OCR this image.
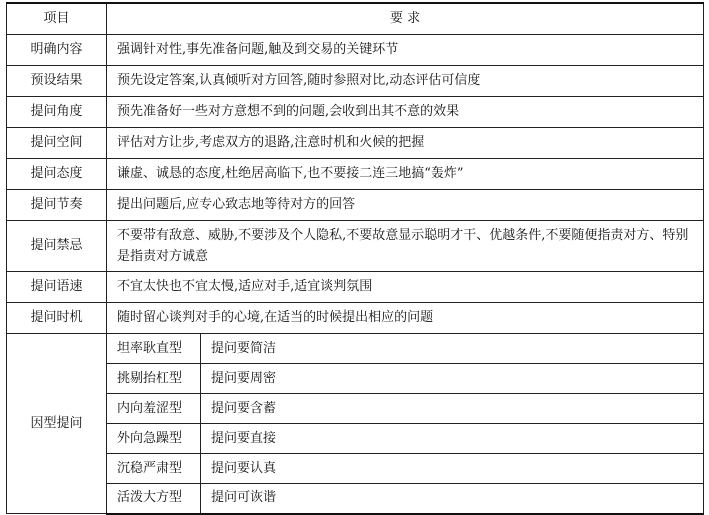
项目	要 求	
明确内容	强调针对性,事先准备问题,触及到交易的关键环节	
预设结果	预先设定答案,认真倾听对方回答,随时参照对比,动态评估可信度	
提问角度	预先准备好一些对方意想不到的问题,会收到出其不意的效果	
提问空间	评估对方让步,考虑双方的退路,注意时机和火候的把握	
提问态度	谦虚、诚恳的态度,杜绝居高临下,也不要接二连三地搞“轰炸”	
提问节奏	提出问题后,应专心致志地等待对方的回答	
提问禁忌	不要带有敌意、威胁,不要涉及个人隐私,不要故意显示聪明才干、优越条件,不要随便指责对方、特别是指责对方诚意	
提问语速	不宜太快也不宜太慢,适应对手,适宜谈判氛围	
提问时机	随时留心谈判对手的心境,在适当的时候提出相应的问题	
因型提问	坦率耿直型	提问要简洁
	挑剔抬杠型	提问要周密
	内向羞涩型	提问要含蓄
	外向急躁型	提问要直接
	沉稳严肃型	提问要认真
	活泼大方型	提问可诙谐
